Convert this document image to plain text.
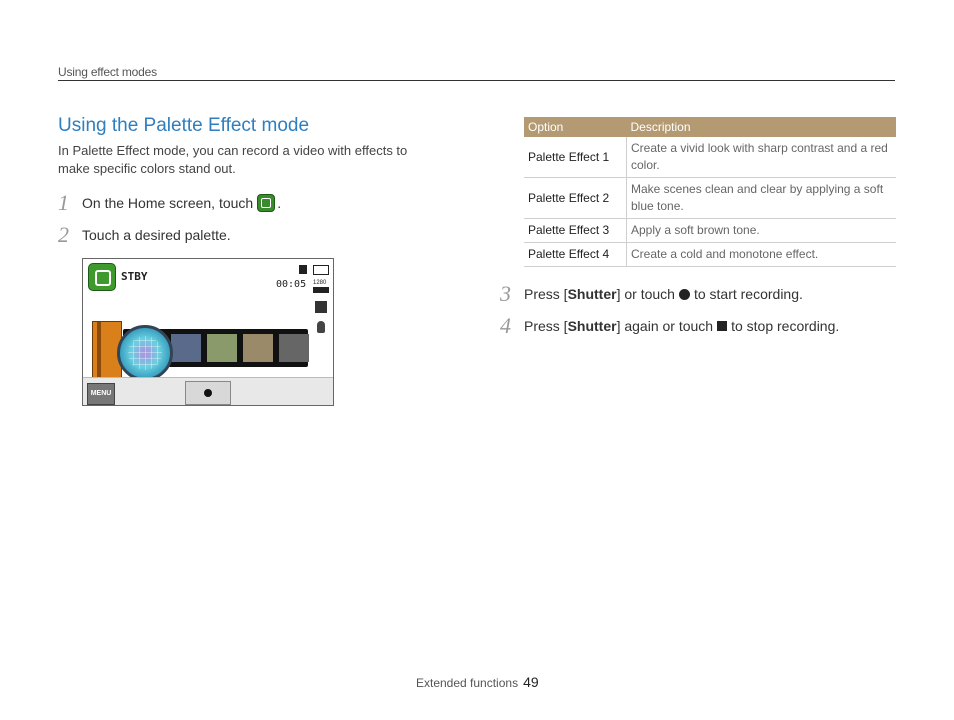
Using effect modes
Using the Palette Effect mode
In Palette Effect mode, you can record a video with effects to make specific colors stand out.
1 On the Home screen, touch .
2 Touch a desired palette.
STBY
00:05 1280
MENU
Option	Description
Palette Effect 1	Create a vivid look with sharp contrast and a red color.
Palette Effect 2	Make scenes clean and clear by applying a soft blue tone.
Palette Effect 3	Apply a soft brown tone.
Palette Effect 4	Create a cold and monotone effect.
3 Press [ Shutter ] or touch to start recording.
4 Press [ Shutter ] again or touch to stop recording.
Extended functions 49
